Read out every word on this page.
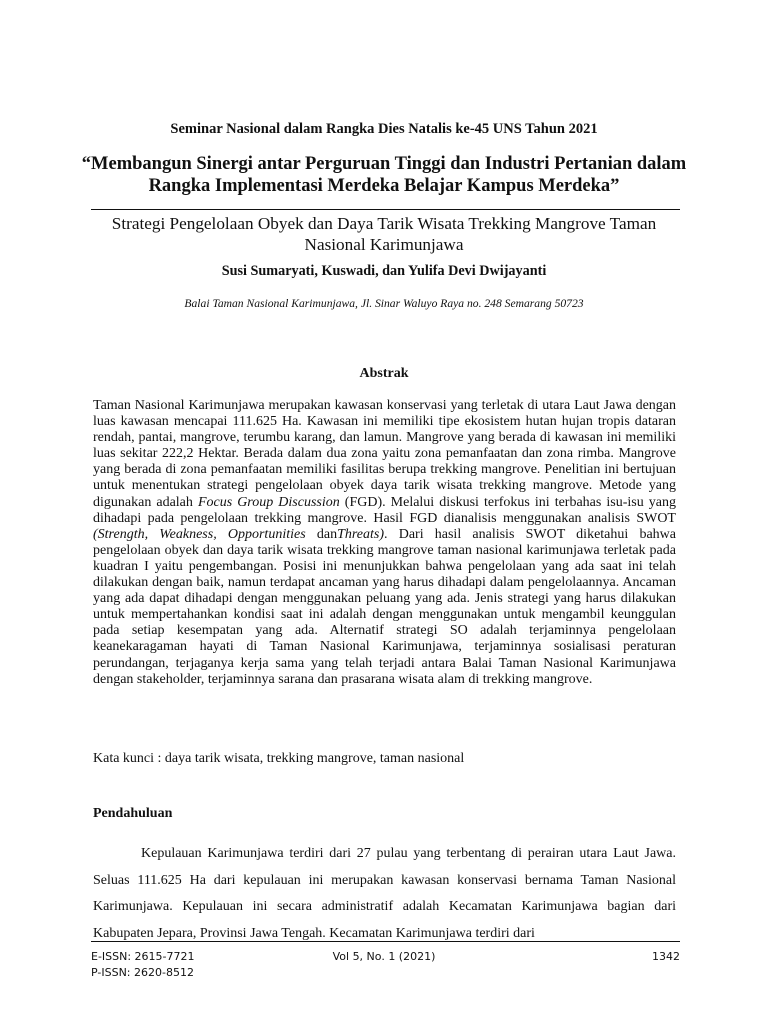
Seminar Nasional dalam Rangka Dies Natalis ke-45 UNS Tahun 2021
“Membangun Sinergi antar Perguruan Tinggi dan Industri Pertanian dalam
Rangka Implementasi Merdeka Belajar Kampus Merdeka”
Strategi Pengelolaan Obyek dan Daya Tarik Wisata Trekking Mangrove Taman
Nasional Karimunjawa
Susi Sumaryati, Kuswadi, dan Yulifa Devi Dwijayanti
Balai Taman Nasional Karimunjawa, Jl. Sinar Waluyo Raya no. 248 Semarang 50723
Abstrak
Taman Nasional Karimunjawa merupakan kawasan konservasi yang terletak di utara Laut Jawa dengan luas kawasan mencapai 111.625 Ha. Kawasan ini memiliki tipe ekosistem hutan hujan tropis dataran rendah, pantai, mangrove, terumbu karang, dan lamun. Mangrove yang berada di kawasan ini memiliki luas sekitar 222,2 Hektar. Berada dalam dua zona yaitu zona pemanfaatan dan zona rimba. Mangrove yang berada di zona pemanfaatan memiliki fasilitas berupa trekking mangrove. Penelitian ini bertujuan untuk menentukan strategi pengelolaan obyek daya tarik wisata trekking mangrove. Metode yang digunakan adalah Focus Group Discussion (FGD). Melalui diskusi terfokus ini terbahas isu-isu yang dihadapi pada pengelolaan trekking mangrove. Hasil FGD dianalisis menggunakan analisis SWOT (Strength, Weakness, Opportunities danThreats). Dari hasil analisis SWOT diketahui bahwa pengelolaan obyek dan daya tarik wisata trekking mangrove taman nasional karimunjawa terletak pada kuadran I yaitu pengembangan. Posisi ini menunjukkan bahwa pengelolaan yang ada saat ini telah dilakukan dengan baik, namun terdapat ancaman yang harus dihadapi dalam pengelolaannya. Ancaman yang ada dapat dihadapi dengan menggunakan peluang yang ada. Jenis strategi yang harus dilakukan untuk mempertahankan kondisi saat ini adalah dengan menggunakan untuk mengambil keunggulan pada setiap kesempatan yang ada. Alternatif strategi SO adalah terjaminnya pengelolaan keanekaragaman hayati di Taman Nasional Karimunjawa, terjaminnya sosialisasi peraturan perundangan, terjaganya kerja sama yang telah terjadi antara Balai Taman Nasional Karimunjawa dengan stakeholder, terjaminnya sarana dan prasarana wisata alam di trekking mangrove.
Kata kunci : daya tarik wisata, trekking mangrove, taman nasional
Pendahuluan
Kepulauan Karimunjawa terdiri dari 27 pulau yang terbentang di perairan utara Laut Jawa. Seluas 111.625 Ha dari kepulauan ini merupakan kawasan konservasi bernama Taman Nasional Karimunjawa. Kepulauan ini secara administratif adalah Kecamatan Karimunjawa bagian dari Kabupaten Jepara, Provinsi Jawa Tengah. Kecamatan Karimunjawa terdiri dari
E-ISSN: 2615-7721
P-ISSN: 2620-8512
Vol 5, No. 1 (2021)	1342
